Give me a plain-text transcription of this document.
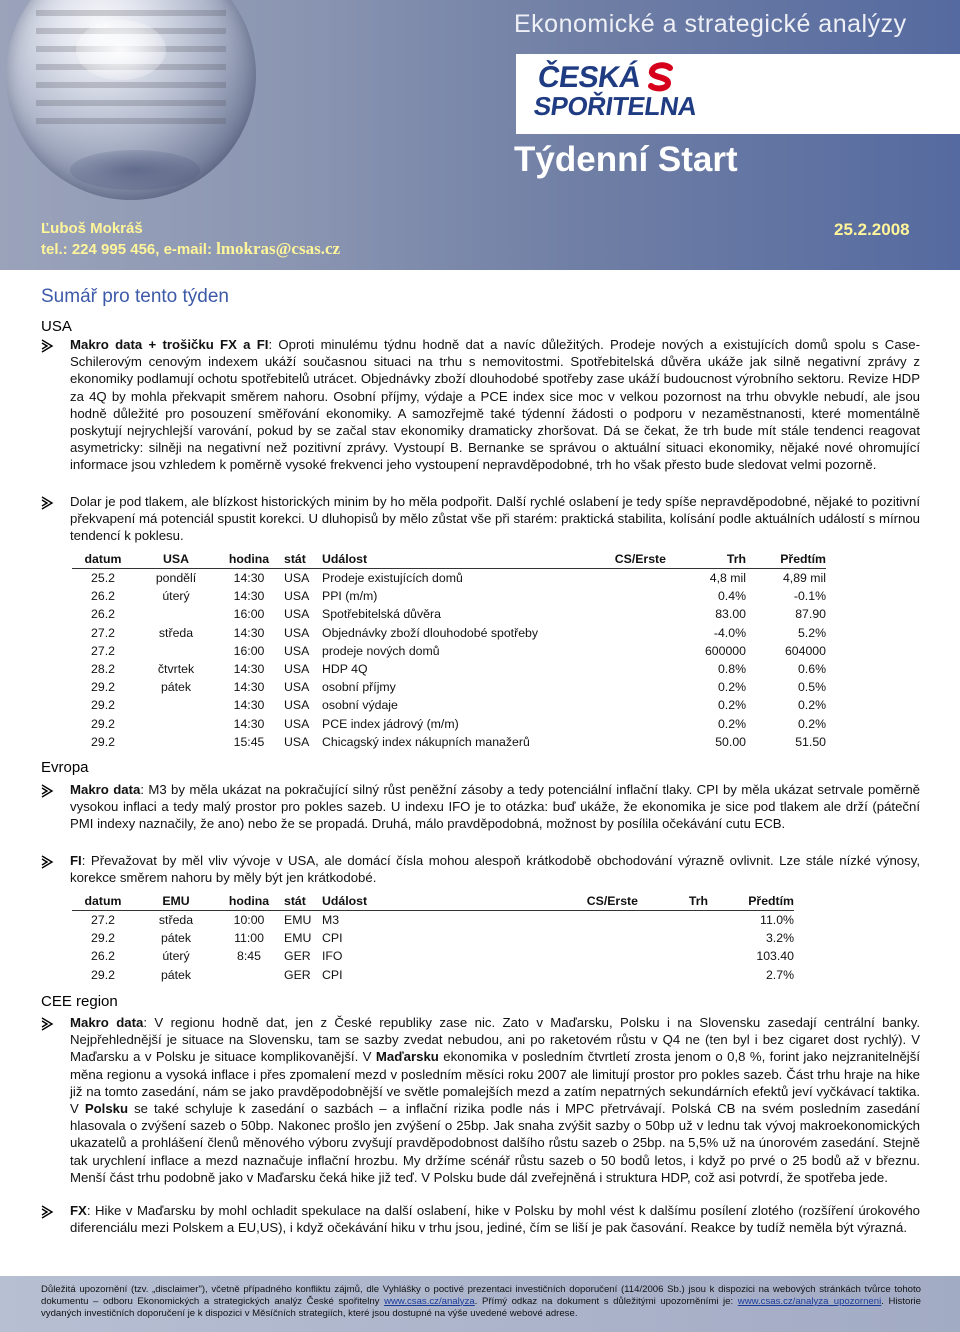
Ekonomické a strategické analýzy
ČESKÁ
SPOŘITELNA
Týdenní Start
Ľuboš Mokráš
tel.: 224 995 456, e-mail: lmokras@csas.cz
25.2.2008
Sumář pro tento týden
USA
Makro data + trošičku FX a FI: Oproti minulému týdnu hodně dat a navíc důležitých. Prodeje nových a existujících domů spolu s Case-Schilerovým cenovým indexem ukáží současnou situaci na trhu s nemovitostmi. Spotřebitelská důvěra ukáže jak silně negativní zprávy z ekonomiky podlamují ochotu spotřebitelů utrácet. Objednávky zboží dlouhodobé spotřeby zase ukáží budoucnost výrobního sektoru. Revize HDP za 4Q by mohla překvapit směrem nahoru. Osobní příjmy, výdaje a PCE index sice moc v velkou pozornost na trhu obvykle nebudí, ale jsou hodně důležité pro posouzení směřování ekonomiky. A samozřejmě také týdenní žádosti o podporu v nezaměstnanosti, které momentálně poskytují nejrychlejší varování, pokud by se začal stav ekonomiky dramaticky zhoršovat. Dá se čekat, že trh bude mít stále tendenci reagovat asymetricky: silněji na negativní než pozitivní zprávy. Vystoupí B. Bernanke se správou o aktuální situaci ekonomiky, nějaké nové ohromující informace jsou vzhledem k poměrně vysoké frekvenci jeho vystoupení nepravděpodobné, trh ho však přesto bude sledovat velmi pozorně.
Dolar je pod tlakem, ale blízkost historických minim by ho měla podpořit. Další rychlé oslabení je tedy spíše nepravděpodobné, nějaké to pozitivní překvapení má potenciál spustit korekci. U dluhopisů by mělo zůstat vše při starém: praktická stabilita, kolísání podle aktuálních událostí s mírnou tendencí k poklesu.
datum	USA	hodina	stát	Událost	CS/Erste	Trh	Předtím
25.2	pondělí	14:30	USA	Prodeje existujících domů		4,8 mil	4,89 mil
26.2	úterý	14:30	USA	PPI (m/m)		0.4%	-0.1%
26.2		16:00	USA	Spotřebitelská důvěra		83.00	87.90
27.2	středa	14:30	USA	Objednávky zboží dlouhodobé spotřeby		-4.0%	5.2%
27.2		16:00	USA	prodeje nových domů		600000	604000
28.2	čtvrtek	14:30	USA	HDP 4Q		0.8%	0.6%
29.2	pátek	14:30	USA	osobní příjmy		0.2%	0.5%
29.2		14:30	USA	osobní výdaje		0.2%	0.2%
29.2		14:30	USA	PCE index jádrový (m/m)		0.2%	0.2%
29.2		15:45	USA	Chicagský index nákupních manažerů		50.00	51.50
Evropa
Makro data: M3 by měla ukázat na pokračující silný růst peněžní zásoby a tedy potenciální inflační tlaky. CPI by měla ukázat setrvale poměrně vysokou inflaci a tedy malý prostor pro pokles sazeb. U indexu IFO je to otázka: buď ukáže, že ekonomika je sice pod tlakem ale drží (páteční PMI indexy naznačily, že ano) nebo že se propadá. Druhá, málo pravděpodobná, možnost by posílila očekávání cutu ECB.
FI: Převažovat by měl vliv vývoje v USA, ale domácí čísla mohou alespoň krátkodobě obchodování výrazně ovlivnit. Lze stále nízké výnosy, korekce směrem nahoru by měly být jen krátkodobé.
datum	EMU	hodina	stát	Událost	CS/Erste	Trh	Předtím
27.2	středa	10:00	EMU	M3			11.0%
29.2	pátek	11:00	EMU	CPI			3.2%
26.2	úterý	8:45	GER	IFO			103.40
29.2	pátek		GER	CPI			2.7%
CEE region
Makro data: V regionu hodně dat, jen z České republiky zase nic. Zato v Maďarsku, Polsku i na Slovensku zasedají centrální banky. Nejpřehlednější je situace na Slovensku, tam se sazby zvedat nebudou, ani po raketovém růstu v Q4 ne (ten byl i bez cigaret dost rychlý). V Maďarsku a v Polsku je situace komplikovanější. V Maďarsku ekonomika v posledním čtvrtletí zrosta jenom o 0,8 %, forint jako nejzranitelnější měna regionu a vysoká inflace i přes zpomalení mezd v posledním měsíci roku 2007 ale limitují prostor pro pokles sazeb. Část trhu hraje na hike již na tomto zasedání, nám se jako pravděpodobnější ve světle pomalejších mezd a zatím nepatrných sekundárních efektů jeví vyčkávací taktika. V Polsku se také schyluje k zasedání o sazbách – a inflační rizika podle nás i MPC přetrvávají. Polská CB na svém posledním zasedání hlasovala o zvýšení sazeb o 50bp. Nakonec prošlo jen zvýšení o 25bp. Jak snaha zvýšit sazby o 50bp už v lednu tak vývoj makroekonomických ukazatelů a prohlášení členů měnového výboru zvyšují pravděpodobnost dalšího růstu sazeb o 25bp. na 5,5% už na únorovém zasedání. Stejně tak urychlení inflace a mezd naznačuje inflační hrozbu. My držíme scénář růstu sazeb o 50 bodů letos, i když po prvé o 25 bodů až v březnu. Menší část trhu podobně jako v Maďarsku čeká hike již teď. V Polsku bude dál zveřejněná i struktura HDP, což asi potvrdí, že spotřeba jede.
FX: Hike v Maďarsku by mohl ochladit spekulace na další oslabení, hike v Polsku by mohl vést k dalšímu posílení zlotého (rozšíření úrokového diferenciálu mezi Polskem a EU,US), i když očekávání hiku v trhu jsou, jediné, čím se liší je pak časování. Reakce by tudíž neměla být výrazná.
Důležitá upozornění (tzv. „disclaimer"), včetně případného konfliktu zájmů, dle Vyhlášky o poctivé prezentaci investičních doporučení (114/2006 Sb.) jsou k dispozici na webových stránkách tvůrce tohoto dokumentu – odboru Ekonomických a strategických analýz České spořitelny www.csas.cz/analyza. Přímý odkaz na dokument s důležitými upozorněními je: www.csas.cz/analyza_upozorneni. Historie vydaných investičních doporučení je k dispozici v Měsíčních strategiích, které jsou dostupné na výše uvedené webové adrese.
